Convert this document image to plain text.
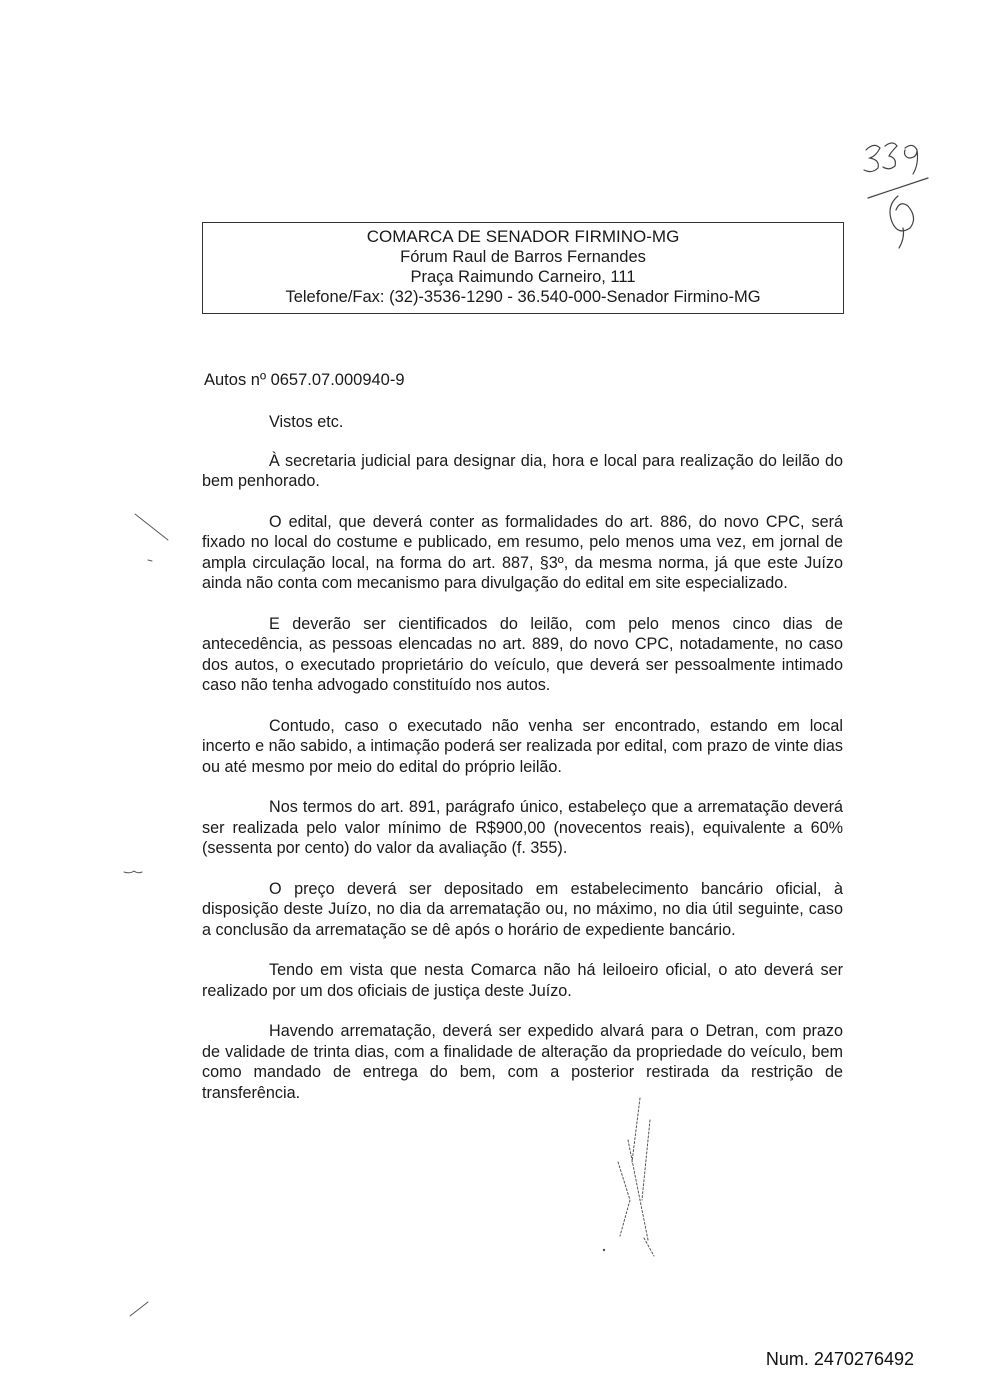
COMARCA DE SENADOR FIRMINO-MG
Fórum Raul de Barros Fernandes
Praça Raimundo Carneiro, 111
Telefone/Fax: (32)-3536-1290 - 36.540-000-Senador Firmino-MG
Autos nº 0657.07.000940-9

Vistos etc.

À secretaria judicial para designar dia, hora e local para realização do leilão do bem penhorado.

O edital, que deverá conter as formalidades do art. 886, do novo CPC, será fixado no local do costume e publicado, em resumo, pelo menos uma vez, em jornal de ampla circulação local, na forma do art. 887, §3º, da mesma norma, já que este Juízo ainda não conta com mecanismo para divulgação do edital em site especializado.

E deverão ser cientificados do leilão, com pelo menos cinco dias de antecedência, as pessoas elencadas no art. 889, do novo CPC, notadamente, no caso dos autos, o executado proprietário do veículo, que deverá ser pessoalmente intimado caso não tenha advogado constituído nos autos.

Contudo, caso o executado não venha ser encontrado, estando em local incerto e não sabido, a intimação poderá ser realizada por edital, com prazo de vinte dias ou até mesmo por meio do edital do próprio leilão.

Nos termos do art. 891, parágrafo único, estabeleço que a arrematação deverá ser realizada pelo valor mínimo de R$900,00 (novecentos reais), equivalente a 60% (sessenta por cento) do valor da avaliação (f. 355).

O preço deverá ser depositado em estabelecimento bancário oficial, à disposição deste Juízo, no dia da arrematação ou, no máximo, no dia útil seguinte, caso a conclusão da arrematação se dê após o horário de expediente bancário.

Tendo em vista que nesta Comarca não há leiloeiro oficial, o ato deverá ser realizado por um dos oficiais de justiça deste Juízo.

Havendo arrematação, deverá ser expedido alvará para o Detran, com prazo de validade de trinta dias, com a finalidade de alteração da propriedade do veículo, bem como mandado de entrega do bem, com a posterior restirada da restrição de transferência.

Num. 2470276492
